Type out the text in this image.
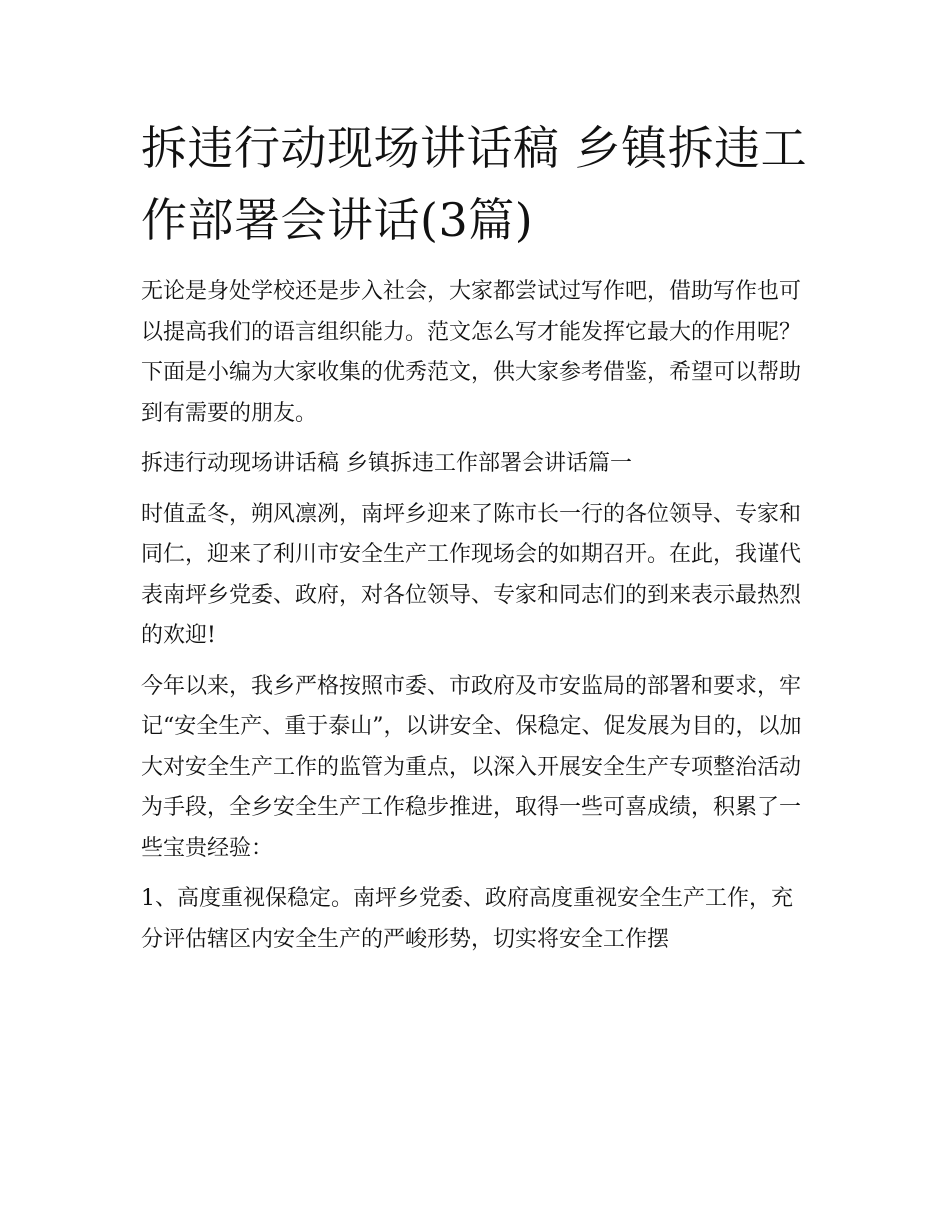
拆违行动现场讲话稿 乡镇拆违工作部署会讲话(3篇)

无论是身处学校还是步入社会，大家都尝试过写作吧，借助写作也可以提高我们的语言组织能力。范文怎么写才能发挥它最大的作用呢？下面是小编为大家收集的优秀范文，供大家参考借鉴，希望可以帮助到有需要的朋友。

拆违行动现场讲话稿 乡镇拆违工作部署会讲话篇一

时值孟冬，朔风凛冽，南坪乡迎来了陈市长一行的各位领导、专家和同仁，迎来了利川市安全生产工作现场会的如期召开。在此，我谨代表南坪乡党委、政府，对各位领导、专家和同志们的到来表示最热烈的欢迎!

今年以来，我乡严格按照市委、市政府及市安监局的部署和要求，牢记“安全生产、重于泰山”，以讲安全、保稳定、促发展为目的，以加大对安全生产工作的监管为重点，以深入开展安全生产专项整治活动为手段，全乡安全生产工作稳步推进，取得一些可喜成绩，积累了一些宝贵经验：

1、高度重视保稳定。南坪乡党委、政府高度重视安全生产工作，充分评估辖区内安全生产的严峻形势，切实将安全工作摆
